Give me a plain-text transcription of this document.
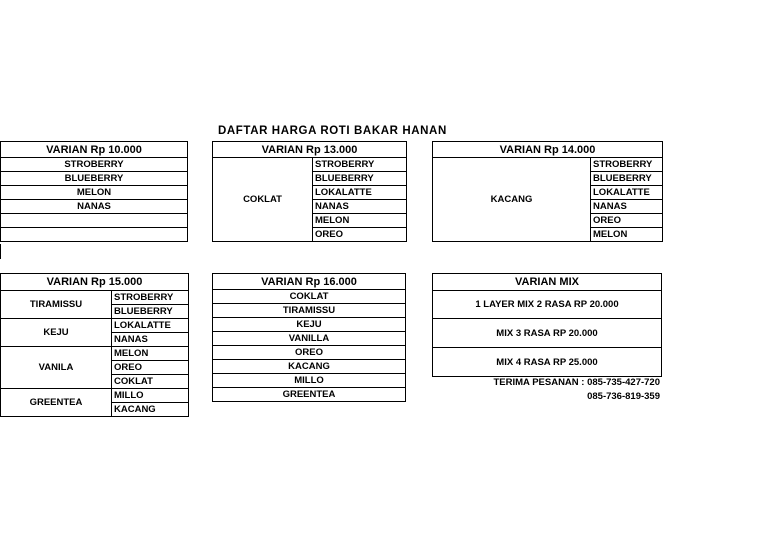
DAFTAR HARGA ROTI BAKAR HANAN
VARIAN Rp 10.000
STROBERRY
BLUEBERRY
MELON
NANAS

VARIAN Rp 13.000
COKLAT	STROBERRY
BLUEBERRY
LOKALATTE
NANAS
MELON
OREO
VARIAN Rp 14.000
KACANG	STROBERRY
BLUEBERRY
LOKALATTE
NANAS
OREO
MELON
VARIAN Rp 15.000	
TIRAMISSU	STROBERRY
	BLUEBERRY
KEJU	LOKALATTE
	NANAS
VANILA	MELON
	OREO
	COKLAT
GREENTEA	MILLO
	KACANG
VARIAN Rp 16.000
COKLAT
TIRAMISSU
KEJU
VANILLA
OREO
KACANG
MILLO
GREENTEA
VARIAN MIX
1 LAYER MIX 2 RASA RP 20.000
MIX 3 RASA RP 20.000
MIX 4 RASA RP 25.000
TERIMA PESANAN : 085-735-427-720
085-736-819-359
